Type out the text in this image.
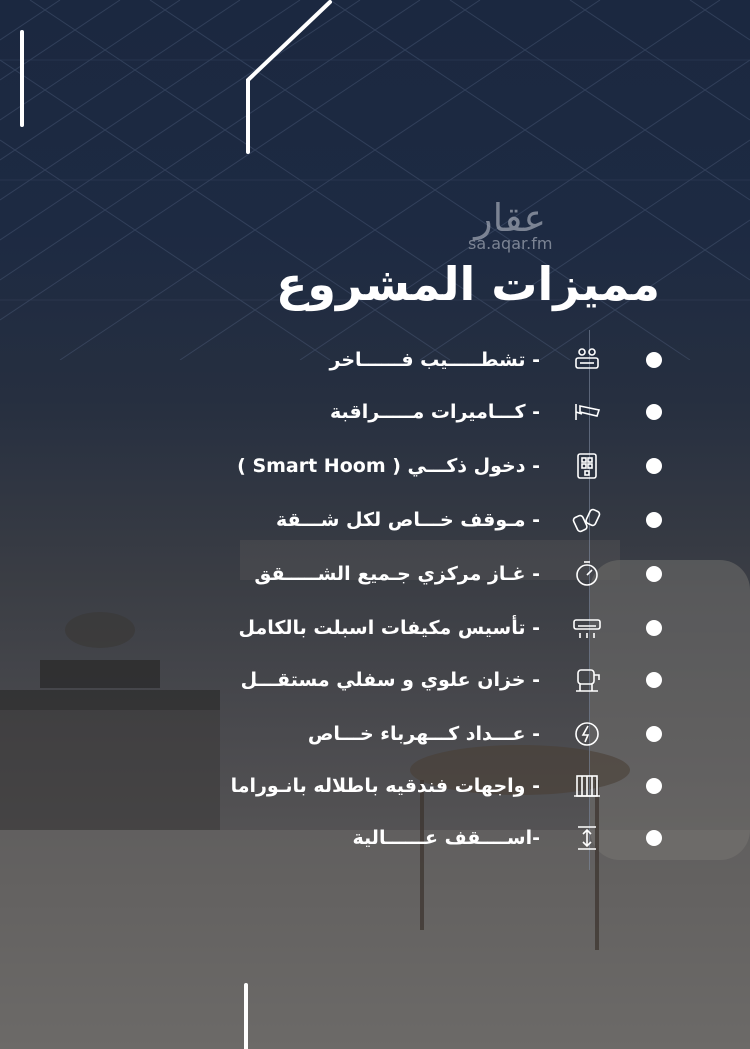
عقار
sa.aqar.fm
مميزات المشروع
- تشطـــــيب فــــــاخر
- كـــاميرات مـــــراقبة
- دخول ذكـــي ( Smart Hoom )
- مـوقف خـــاص لكل شـــقة
- غـاز مركزي جـميع الشـــــقق
- تأسيس مكيفات اسبلت بالكامل
- خزان علوي و سفلي مستقـــل
- عـــداد كـــهرباء خـــاص
- واجهات فندقيه باطلاله بانـوراما
-اســــقف عــــــالية
